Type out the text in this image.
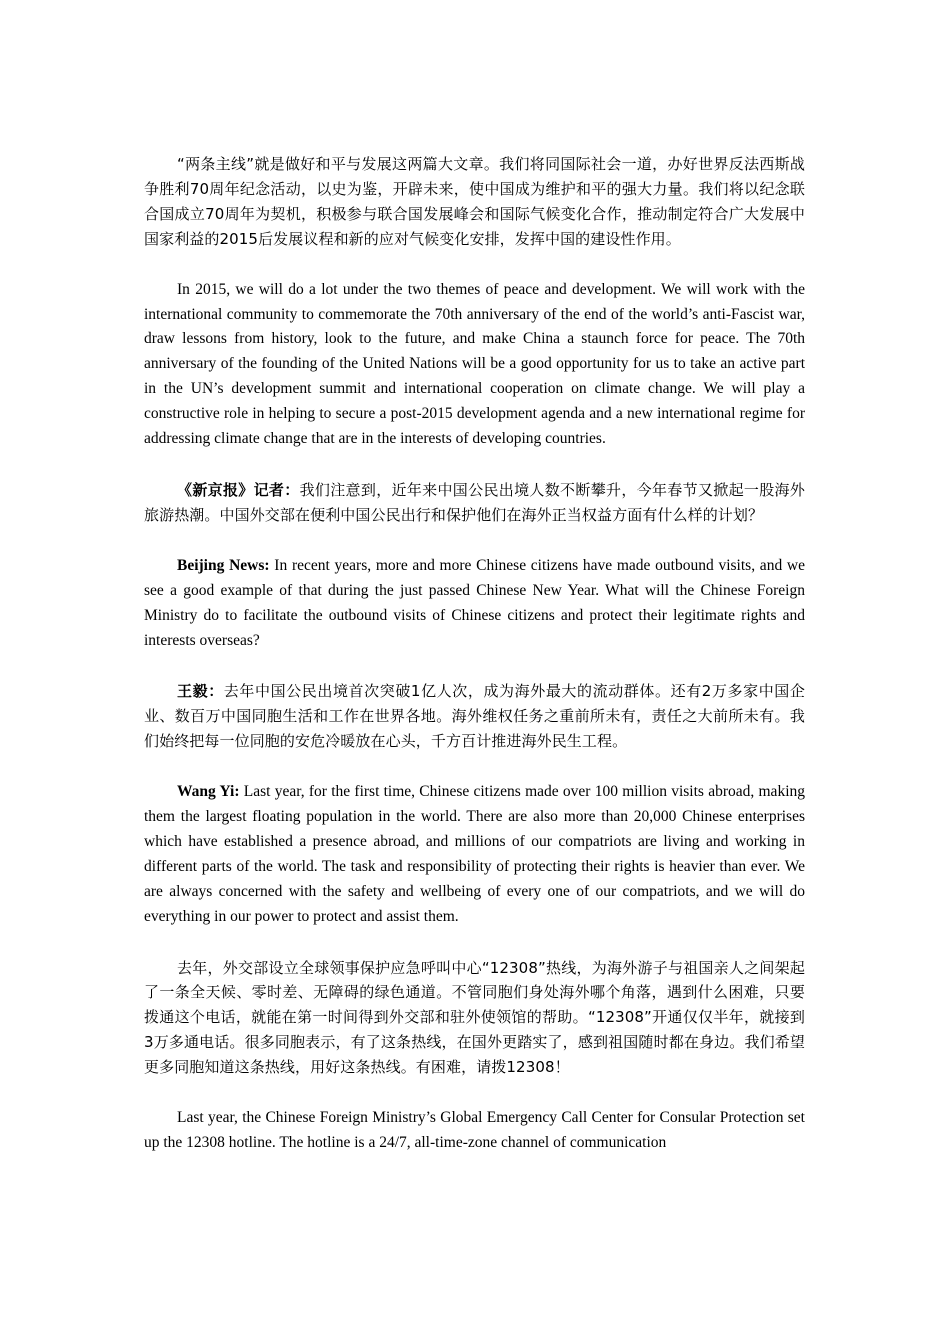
“两条主线”就是做好和平与发展这两篇大文章。我们将同国际社会一道，办好世界反法西斯战争胜利70周年纪念活动，以史为鉴，开辟未来，使中国成为维护和平的强大力量。我们将以纪念联合国成立70周年为契机，积极参与联合国发展峰会和国际气候变化合作，推动制定符合广大发展中国家利益的2015后发展议程和新的应对气候变化安排，发挥中国的建设性作用。

In 2015, we will do a lot under the two themes of peace and development. We will work with the international community to commemorate the 70th anniversary of the end of the world’s anti-Fascist war, draw lessons from history, look to the future, and make China a staunch force for peace. The 70th anniversary of the founding of the United Nations will be a good opportunity for us to take an active part in the UN’s development summit and international cooperation on climate change. We will play a constructive role in helping to secure a post-2015 development agenda and a new international regime for addressing climate change that are in the interests of developing countries.

《新京报》记者：我们注意到，近年来中国公民出境人数不断攀升，今年春节又掀起一股海外旅游热潮。中国外交部在便利中国公民出行和保护他们在海外正当权益方面有什么样的计划？

Beijing News: In recent years, more and more Chinese citizens have made outbound visits, and we see a good example of that during the just passed Chinese New Year. What will the Chinese Foreign Ministry do to facilitate the outbound visits of Chinese citizens and protect their legitimate rights and interests overseas?

王毅：去年中国公民出境首次突破1亿人次，成为海外最大的流动群体。还有2万多家中国企业、数百万中国同胞生活和工作在世界各地。海外维权任务之重前所未有，责任之大前所未有。我们始终把每一位同胞的安危冷暖放在心头，千方百计推进海外民生工程。

Wang Yi: Last year, for the first time, Chinese citizens made over 100 million visits abroad, making them the largest floating population in the world. There are also more than 20,000 Chinese enterprises which have established a presence abroad, and millions of our compatriots are living and working in different parts of the world. The task and responsibility of protecting their rights is heavier than ever. We are always concerned with the safety and wellbeing of every one of our compatriots, and we will do everything in our power to protect and assist them.

去年，外交部设立全球领事保护应急呼叫中心“12308”热线，为海外游子与祖国亲人之间架起了一条全天候、零时差、无障碍的绿色通道。不管同胞们身处海外哪个角落，遇到什么困难，只要拨通这个电话，就能在第一时间得到外交部和驻外使领馆的帮助。“12308”开通仅仅半年，就接到3万多通电话。很多同胞表示，有了这条热线，在国外更踏实了，感到祖国随时都在身边。我们希望更多同胞知道这条热线，用好这条热线。有困难，请拨12308！

Last year, the Chinese Foreign Ministry’s Global Emergency Call Center for Consular Protection set up the 12308 hotline. The hotline is a 24/7, all-time-zone channel of communication
